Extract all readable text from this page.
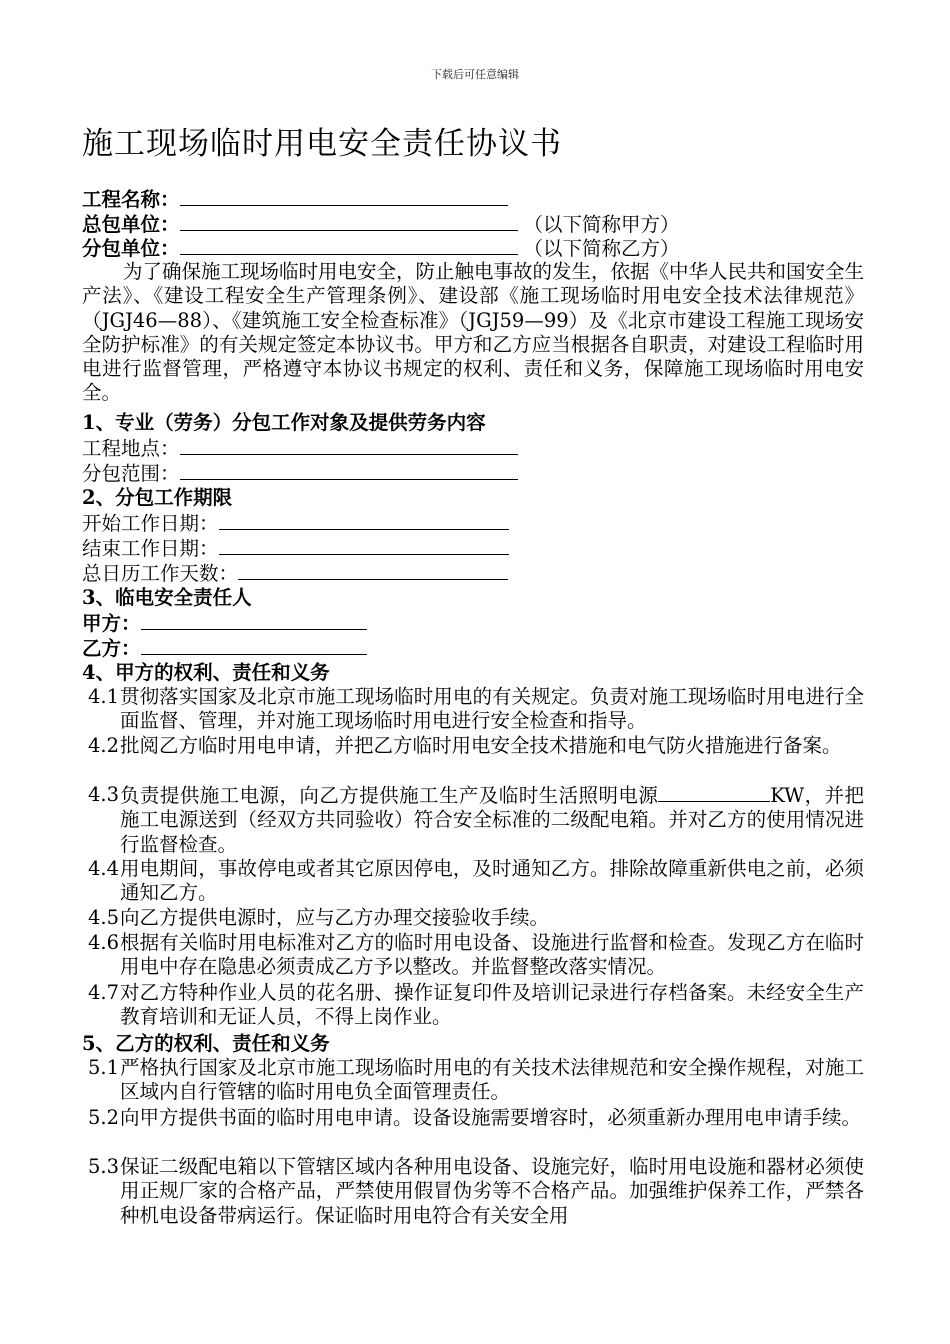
下载后可任意编辑
施工现场临时用电安全责任协议书
工程名称：
总包单位：	（以下简称甲方）
分包单位：	（以下简称乙方）
为了确保施工现场临时用电安全，防止触电事故的发生，依据《中华人民共和国安全生产法》、《建设工程安全生产管理条例》、建设部《施工现场临时用电安全技术法律规范》（JGJ46—88）、《建筑施工安全检查标准》（JGJ59—99）及《北京市建设工程施工现场安全防护标准》的有关规定签定本协议书。甲方和乙方应当根据各自职责，对建设工程临时用电进行监督管理，严格遵守本协议书规定的权利、责任和义务，保障施工现场临时用电安全。
1、专业（劳务）分包工作对象及提供劳务内容
工程地点：
分包范围：
2、分包工作期限
开始工作日期：
结束工作日期：
总日历工作天数：
3、临电安全责任人
甲方：
乙方：
4、甲方的权利、责任和义务
4.1 贯彻落实国家及北京市施工现场临时用电的有关规定。负责对施工现场临时用电进行全面监督、管理，并对施工现场临时用电进行安全检查和指导。
4.2 批阅乙方临时用电申请，并把乙方临时用电安全技术措施和电气防火措施进行备案。
4.3 负责提供施工电源，向乙方提供施工生产及临时生活照明电源	KW，并把施工电源送到（经双方共同验收）符合安全标准的二级配电箱。并对乙方的使用情况进行监督检查。
4.4 用电期间，事故停电或者其它原因停电，及时通知乙方。排除故障重新供电之前，必须通知乙方。
4.5 向乙方提供电源时，应与乙方办理交接验收手续。
4.6 根据有关临时用电标准对乙方的临时用电设备、设施进行监督和检查。发现乙方在临时用电中存在隐患必须责成乙方予以整改。并监督整改落实情况。
4.7 对乙方特种作业人员的花名册、操作证复印件及培训记录进行存档备案。未经安全生产教育培训和无证人员，不得上岗作业。
5、乙方的权利、责任和义务
5.1 严格执行国家及北京市施工现场临时用电的有关技术法律规范和安全操作规程，对施工区域内自行管辖的临时用电负全面管理责任。
5.2 向甲方提供书面的临时用电申请。设备设施需要增容时，必须重新办理用电申请手续。
5.3 保证二级配电箱以下管辖区域内各种用电设备、设施完好，临时用电设施和器材必须使用正规厂家的合格产品，严禁使用假冒伪劣等不合格产品。加强维护保养工作，严禁各种机电设备带病运行。保证临时用电符合有关安全用
